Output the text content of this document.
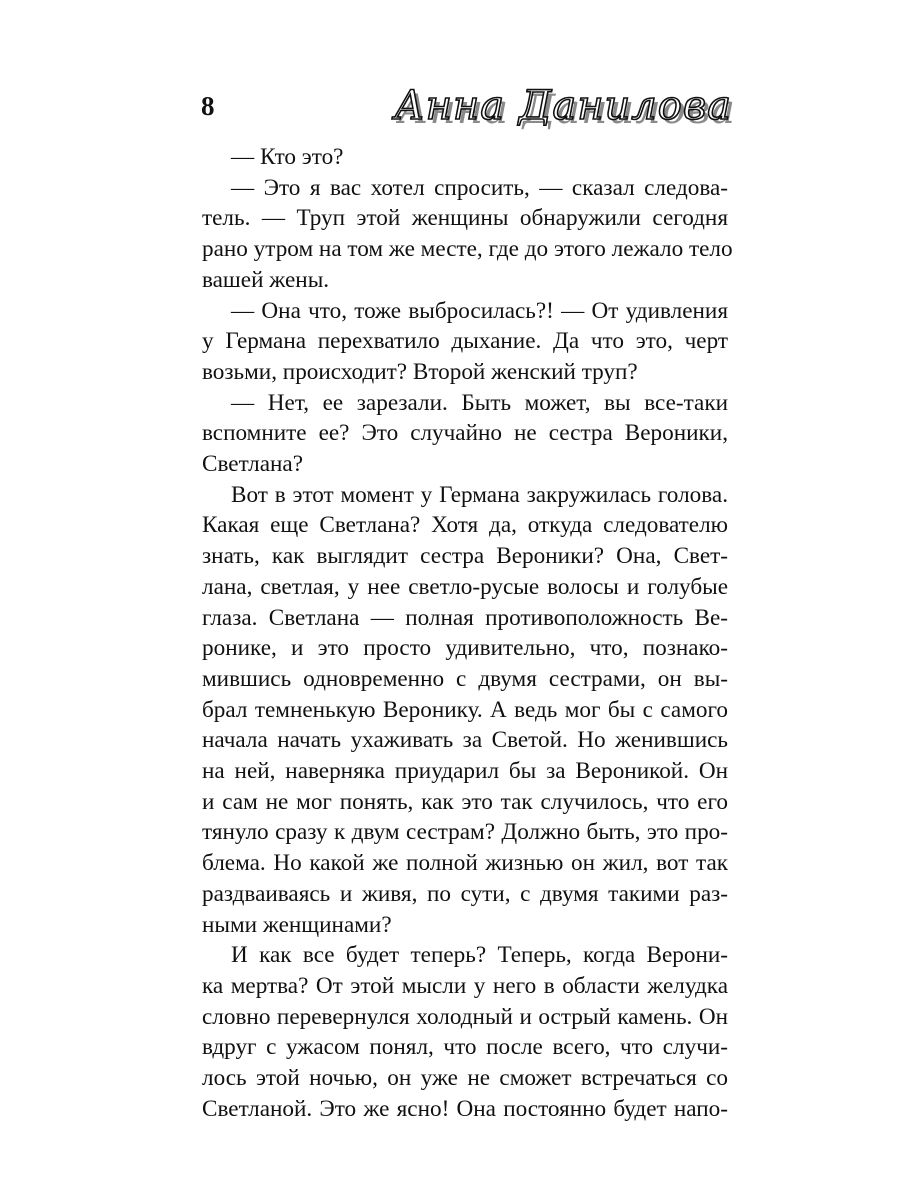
8	Анна Данилова
— Кто это?
— Это я вас хотел спросить, — сказал следова-
тель. — Труп этой женщины обнаружили сегодня
рано утром на том же месте, где до этого лежало тело
вашей жены.
— Она что, тоже выбросилась?! — От удивления
у Германа перехватило дыхание. Да что это, черт
возьми, происходит? Второй женский труп?
— Нет, ее зарезали. Быть может, вы все-таки
вспомните ее? Это случайно не сестра Вероники,
Светлана?
Вот в этот момент у Германа закружилась голова.
Какая еще Светлана? Хотя да, откуда следователю
знать, как выглядит сестра Вероники? Она, Свет-
лана, светлая, у нее светло-русые волосы и голубые
глаза. Светлана — полная противоположность Ве-
ронике, и это просто удивительно, что, познако-
мившись одновременно с двумя сестрами, он вы-
брал темненькую Веронику. А ведь мог бы с самого
начала начать ухаживать за Светой. Но женившись
на ней, наверняка приударил бы за Вероникой. Он
и сам не мог понять, как это так случилось, что его
тянуло сразу к двум сестрам? Должно быть, это про-
блема. Но какой же полной жизнью он жил, вот так
раздваиваясь и живя, по сути, с двумя такими раз-
ными женщинами?
И как все будет теперь? Теперь, когда Верони-
ка мертва? От этой мысли у него в области желудка
словно перевернулся холодный и острый камень. Он
вдруг с ужасом понял, что после всего, что случи-
лось этой ночью, он уже не сможет встречаться со
Светланой. Это же ясно! Она постоянно будет напо-
